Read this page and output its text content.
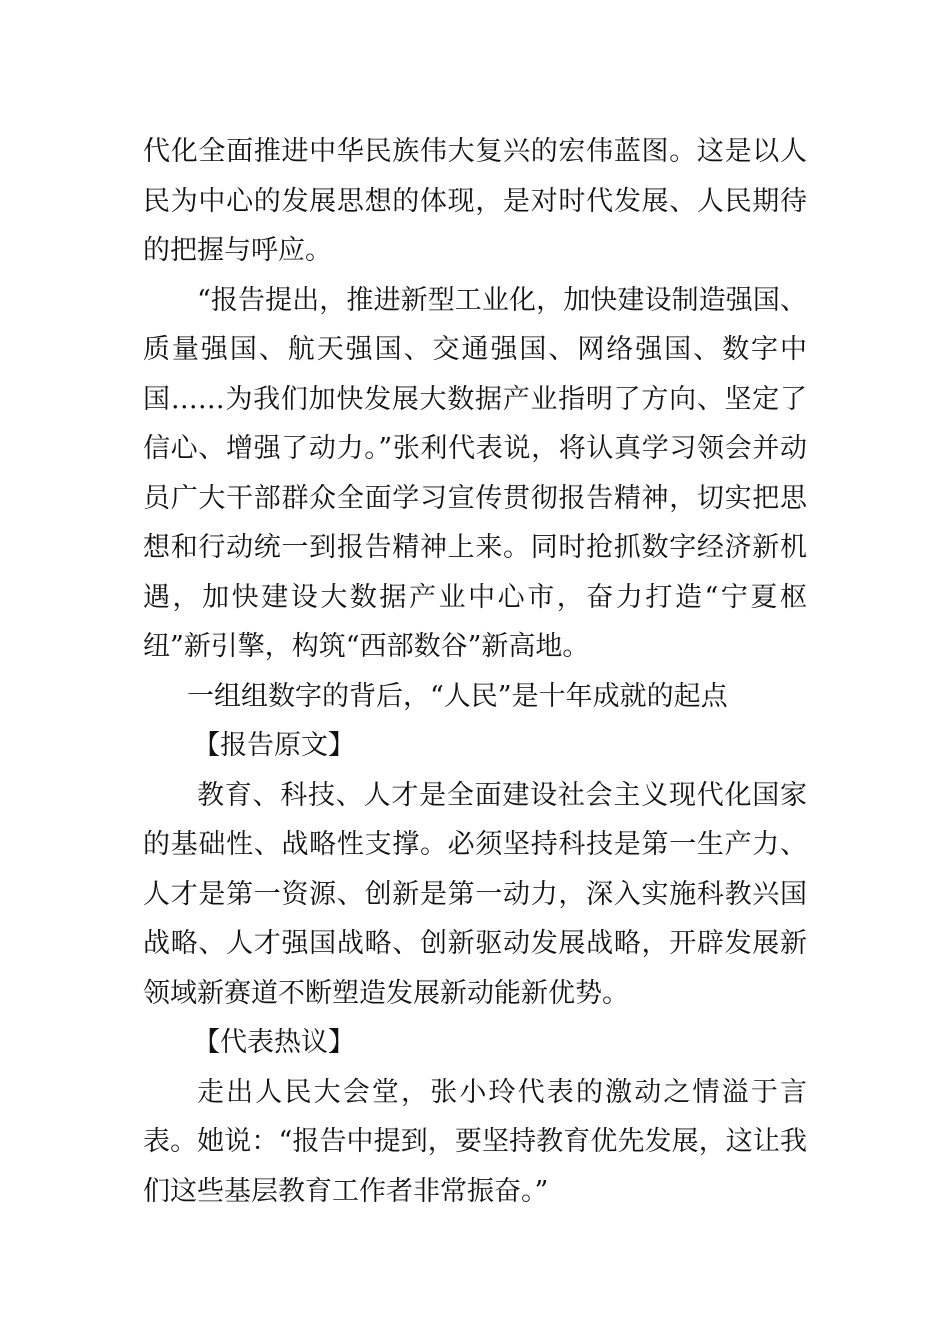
代化全面推进中华民族伟大复兴的宏伟蓝图。这是以人民为中心的发展思想的体现，是对时代发展、人民期待的把握与呼应。

“报告提出，推进新型工业化，加快建设制造强国、质量强国、航天强国、交通强国、网络强国、数字中国……为我们加快发展大数据产业指明了方向、坚定了信心、增强了动力。”张利代表说，将认真学习领会并动员广大干部群众全面学习宣传贯彻报告精神，切实把思想和行动统一到报告精神上来。同时抢抓数字经济新机遇，加快建设大数据产业中心市，奋力打造“宁夏枢纽”新引擎，构筑“西部数谷”新高地。

一组组数字的背后，“人民”是十年成就的起点

【报告原文】

教育、科技、人才是全面建设社会主义现代化国家的基础性、战略性支撑。必须坚持科技是第一生产力、人才是第一资源、创新是第一动力，深入实施科教兴国战略、人才强国战略、创新驱动发展战略，开辟发展新领域新赛道不断塑造发展新动能新优势。

【代表热议】

走出人民大会堂，张小玲代表的激动之情溢于言表。她说：“报告中提到，要坚持教育优先发展，这让我们这些基层教育工作者非常振奋。”
